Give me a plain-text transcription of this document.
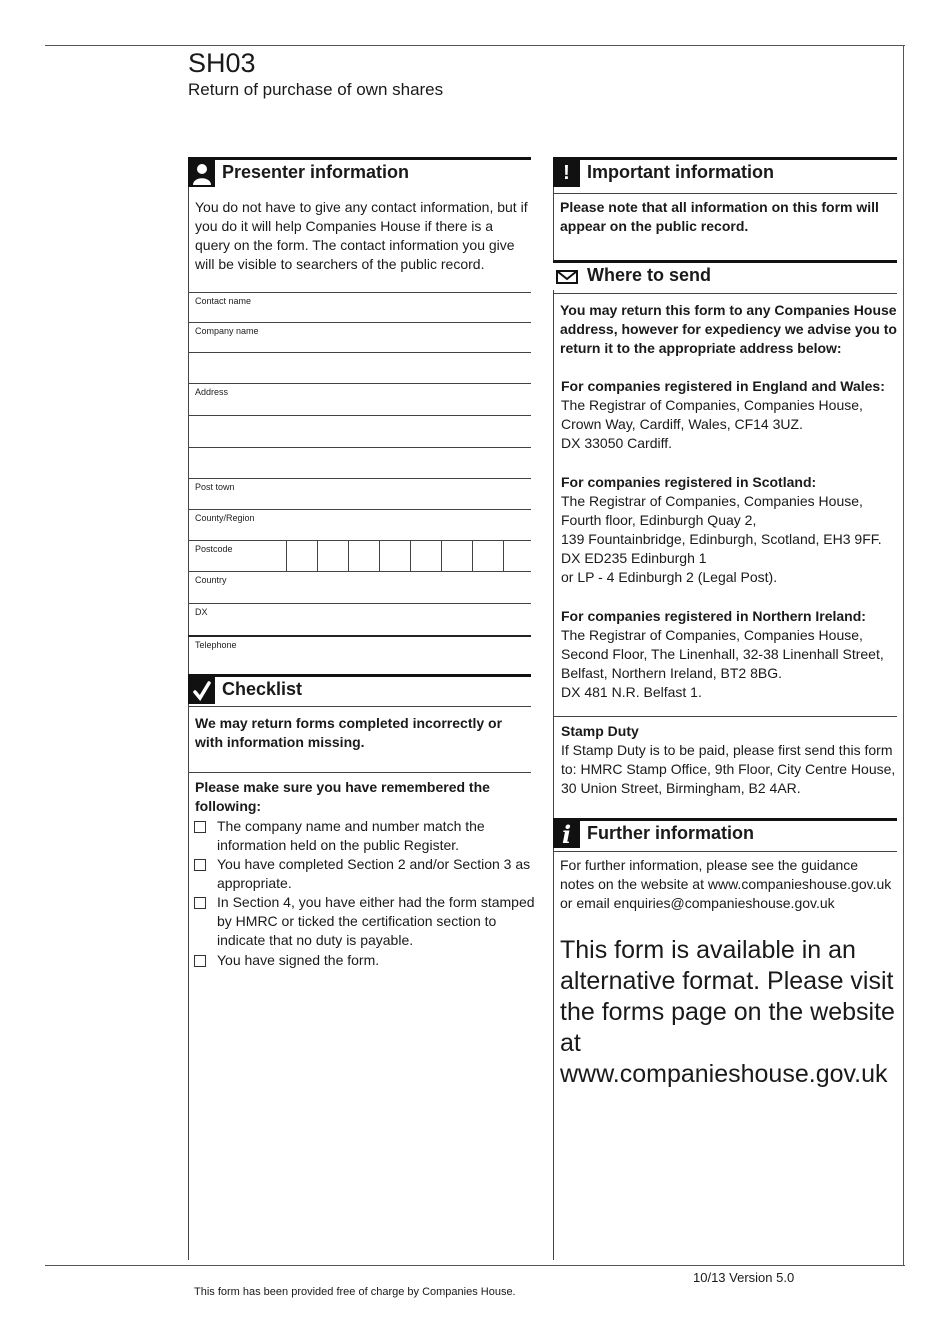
SH03
Return of purchase of own shares
Presenter information
You do not have to give any contact information, but if you do it will help Companies House if there is a query on the form. The contact information you give will be visible to searchers of the public record.
Contact name
Company name
Address
Post town
County/Region
Postcode
Country
DX
Telephone
Checklist
We may return forms completed incorrectly or with information missing.
Please make sure you have remembered the following:
The company name and number match the information held on the public Register.
You have completed Section 2 and/or Section 3 as appropriate.
In Section 4, you have either had the form stamped by HMRC or ticked the certification section to indicate that no duty is payable.
You have signed the form.
! Important information
Please note that all information on this form will appear on the public record.
Where to send
You may return this form to any Companies House address, however for expediency we advise you to return it to the appropriate address below:
For companies registered in England and Wales:
The Registrar of Companies, Companies House,
Crown Way, Cardiff, Wales, CF14 3UZ.
DX 33050 Cardiff.
For companies registered in Scotland:
The Registrar of Companies, Companies House,
Fourth floor, Edinburgh Quay 2,
139 Fountainbridge, Edinburgh, Scotland, EH3 9FF.
DX ED235 Edinburgh 1
or LP - 4 Edinburgh 2 (Legal Post).
For companies registered in Northern Ireland:
The Registrar of Companies, Companies House,
Second Floor, The Linenhall, 32-38 Linenhall Street,
Belfast, Northern Ireland, BT2 8BG.
DX 481 N.R. Belfast 1.
Stamp Duty
If Stamp Duty is to be paid, please first send this form to: HMRC Stamp Office, 9th Floor, City Centre House, 30 Union Street, Birmingham, B2 4AR.
i Further information
For further information, please see the guidance notes on the website at www.companieshouse.gov.uk or email enquiries@companieshouse.gov.uk
This form is available in an alternative format. Please visit the forms page on the website at www.companieshouse.gov.uk
10/13 Version 5.0
This form has been provided free of charge by Companies House.
